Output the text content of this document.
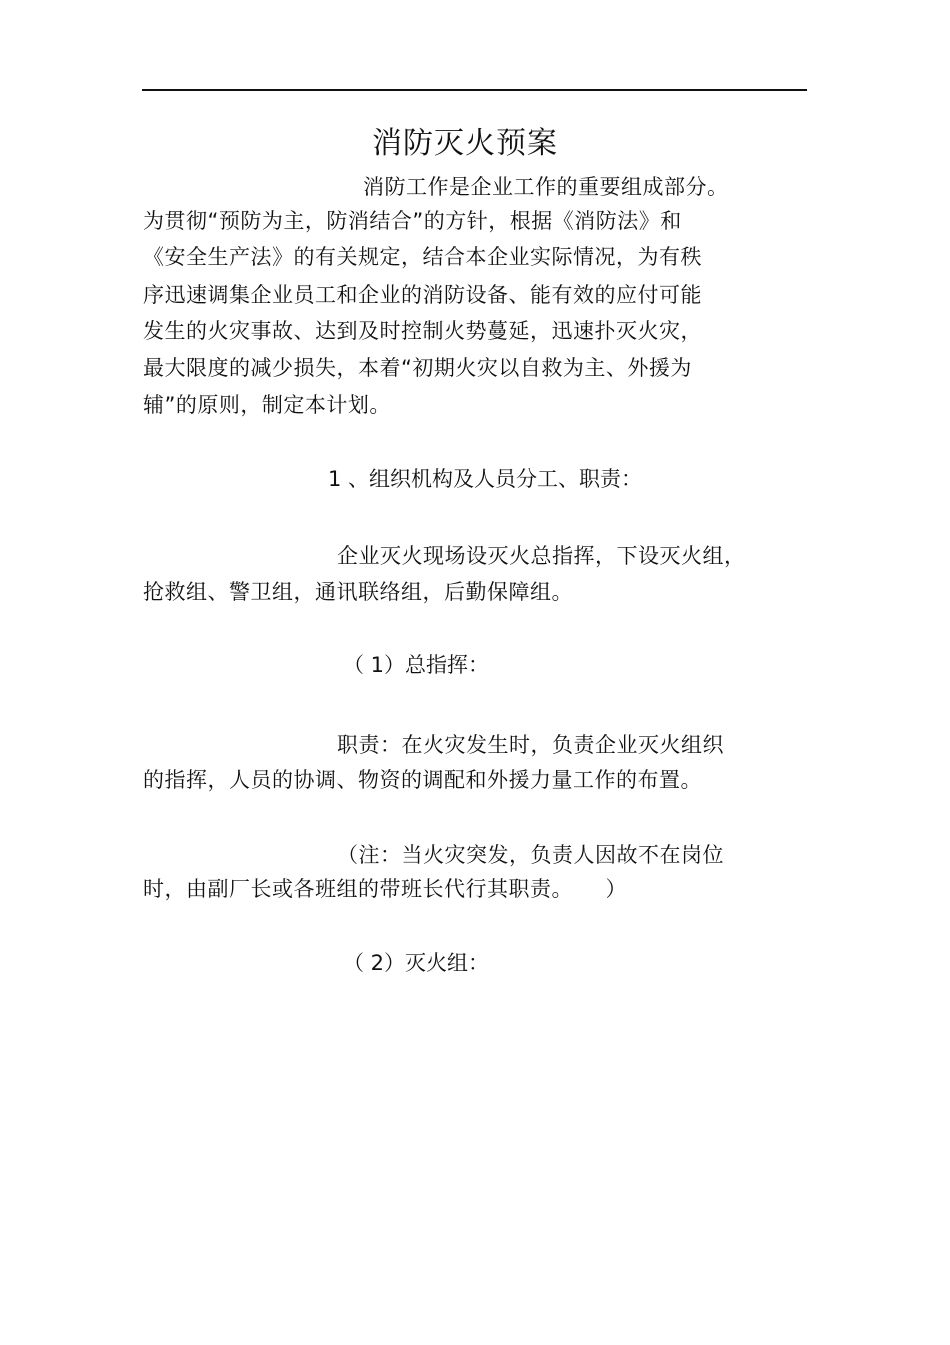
消防灭火预案
消防工作是企业工作的重要组成部分。
为贯彻“预防为主，防消结合”的方针，根据《消防法》和
《安全生产法》的有关规定，结合本企业实际情况，为有秩
序迅速调集企业员工和企业的消防设备、能有效的应付可能
发生的火灾事故、达到及时控制火势蔓延，迅速扑灭火灾，
最大限度的减少损失，本着“初期火灾以自救为主、外援为
辅”的原则，制定本计划。
1 、组织机构及人员分工、职责：
企业灭火现场设灭火总指挥，下设灭火组，
抢救组、警卫组，通讯联络组，后勤保障组。
（ 1）总指挥：
职责：在火灾发生时，负责企业灭火组织
的指挥，人员的协调、物资的调配和外援力量工作的布置。
（注：当火灾突发，负责人因故不在岗位
时，由副厂长或各班组的带班长代行其职责。　　）
（ 2）灭火组：
